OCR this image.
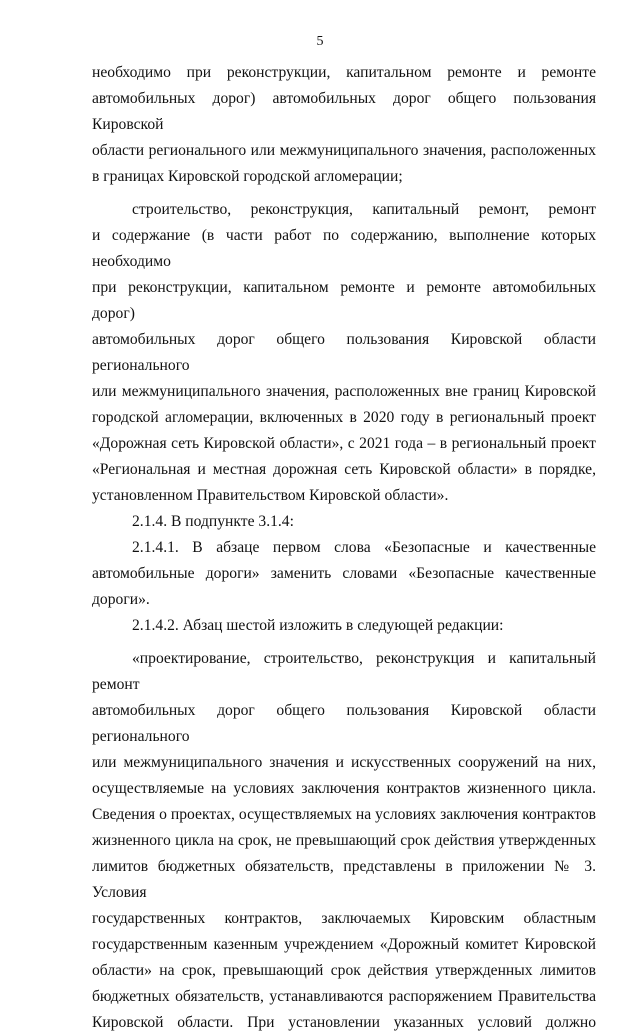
5

необходимо при реконструкции, капитальном ремонте и ремонте

автомобильных дорог) автомобильных дорог общего пользования Кировской

области регионального или межмуниципального значения, расположенных

в границах Кировской городской агломерации;

строительство, реконструкция, капитальный ремонт, ремонт

и содержание (в части работ по содержанию, выполнение которых необходимо

при реконструкции, капитальном ремонте и ремонте автомобильных дорог)

автомобильных дорог общего пользования Кировской области регионального

или межмуниципального значения, расположенных вне границ Кировской

городской агломерации, включенных в 2020 году в региональный проект

«Дорожная сеть Кировской области», с 2021 года – в региональный проект

«Региональная и местная дорожная сеть Кировской области» в порядке,

установленном Правительством Кировской области».

2.1.4. В подпункте 3.1.4:

2.1.4.1. В абзаце первом слова «Безопасные и качественные

автомобильные дороги» заменить словами «Безопасные качественные дороги».

2.1.4.2. Абзац шестой изложить в следующей редакции:

«проектирование, строительство, реконструкция и капитальный ремонт

автомобильных дорог общего пользования Кировской области регионального

или межмуниципального значения и искусственных сооружений на них,

осуществляемые на условиях заключения контрактов жизненного цикла.

Сведения о проектах, осуществляемых на условиях заключения контрактов

жизненного цикла на срок, не превышающий срок действия утвержденных

лимитов бюджетных обязательств, представлены в приложении № 3. Условия

государственных контрактов, заключаемых Кировским областным

государственным казенным учреждением «Дорожный комитет Кировской

области» на срок, превышающий срок действия утвержденных лимитов

бюджетных обязательств, устанавливаются распоряжением Правительства

Кировской области. При установлении указанных условий должно
